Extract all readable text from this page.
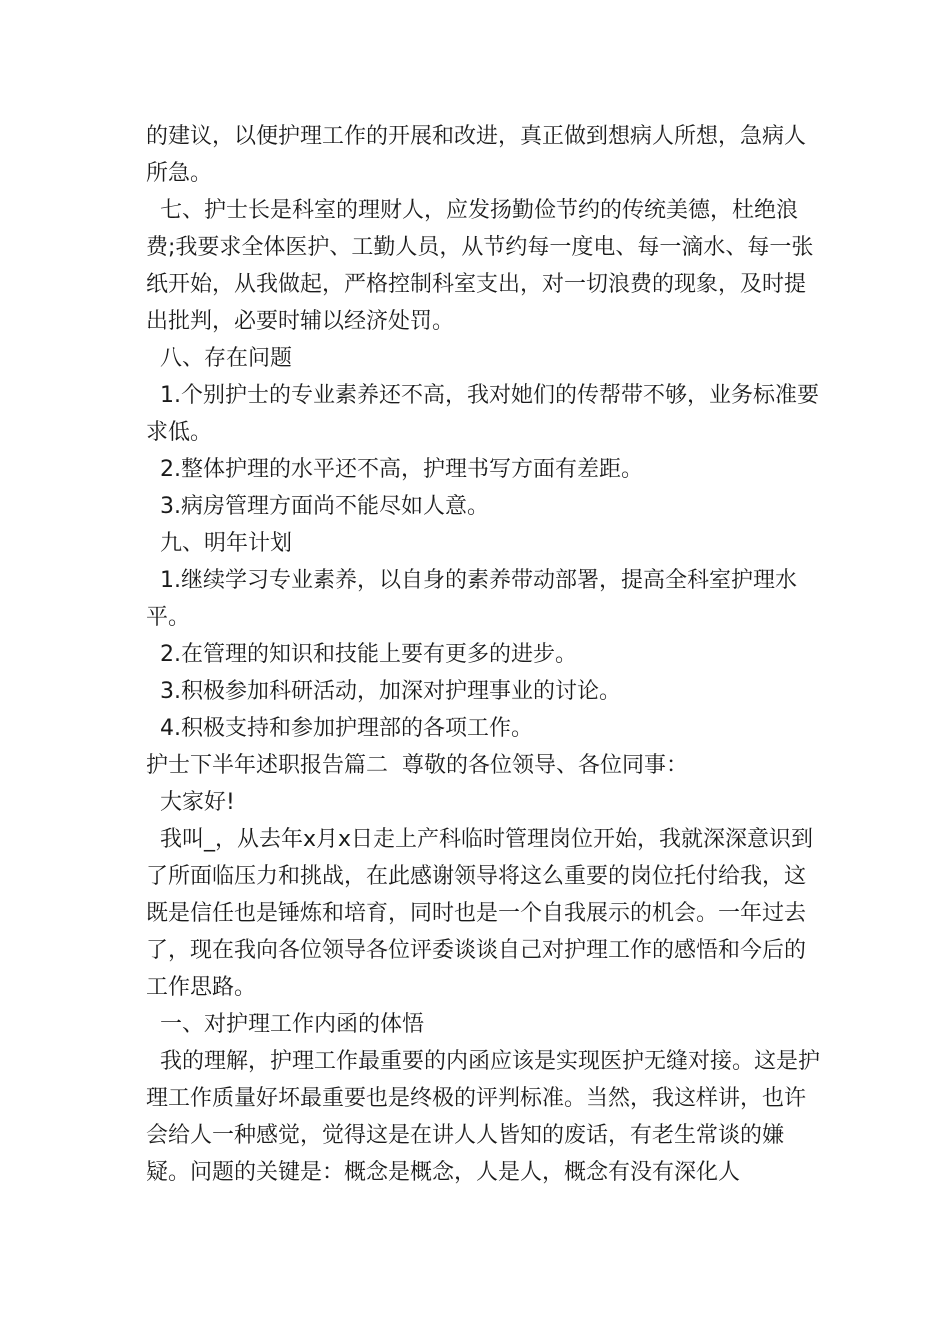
的建议，以便护理工作的开展和改进，真正做到想病人所想，急病人所急。

七、护士长是科室的理财人，应发扬勤俭节约的传统美德，杜绝浪费;我要求全体医护、工勤人员，从节约每一度电、每一滴水、每一张纸开始，从我做起，严格控制科室支出，对一切浪费的现象，及时提出批判，必要时辅以经济处罚。

八、存在问题

1.个别护士的专业素养还不高，我对她们的传帮带不够，业务标准要求低。

2.整体护理的水平还不高，护理书写方面有差距。

3.病房管理方面尚不能尽如人意。

九、明年计划

1.继续学习专业素养，以自身的素养带动部署，提高全科室护理水平。

2.在管理的知识和技能上要有更多的进步。

3.积极参加科研活动，加深对护理事业的讨论。

4.积极支持和参加护理部的各项工作。

护士下半年述职报告篇二  尊敬的各位领导、各位同事：

大家好!

我叫_，从去年x月x日走上产科临时管理岗位开始，我就深深意识到了所面临压力和挑战，在此感谢领导将这么重要的岗位托付给我，这既是信任也是锤炼和培育，同时也是一个自我展示的机会。一年过去了，现在我向各位领导各位评委谈谈自己对护理工作的感悟和今后的工作思路。

一、对护理工作内函的体悟

我的理解，护理工作最重要的内函应该是实现医护无缝对接。这是护理工作质量好坏最重要也是终极的评判标准。当然，我这样讲，也许会给人一种感觉，觉得这是在讲人人皆知的废话，有老生常谈的嫌疑。问题的关键是：概念是概念，人是人，概念有没有深化人
